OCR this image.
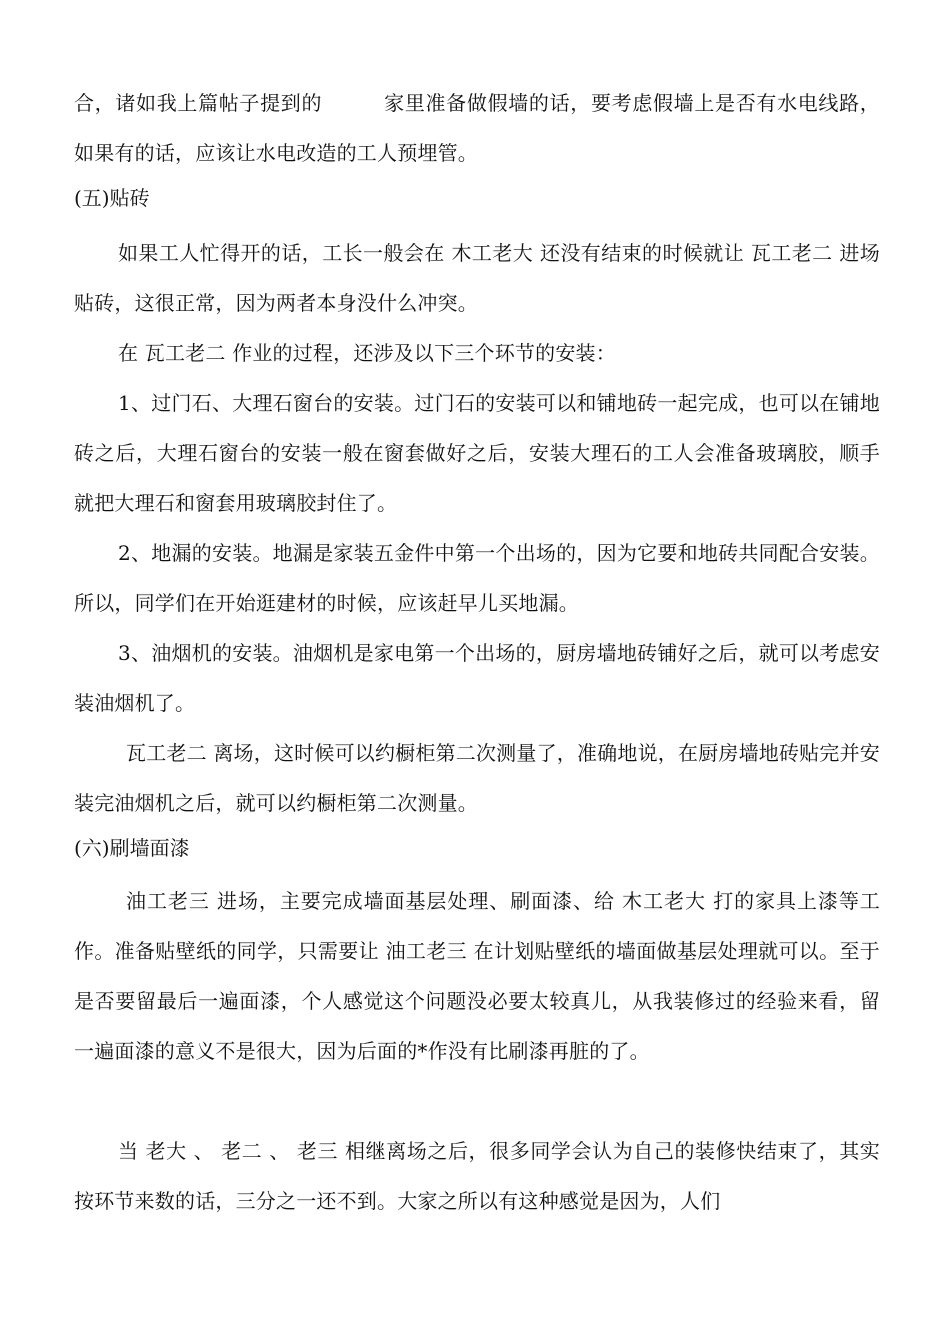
合，诸如我上篇帖子提到的　　　家里准备做假墙的话，要考虑假墙上是否有水电线路，如果有的话，应该让水电改造的工人预埋管。

(五)贴砖

如果工人忙得开的话，工长一般会在 木工老大 还没有结束的时候就让 瓦工老二 进场贴砖，这很正常，因为两者本身没什么冲突。

在 瓦工老二 作业的过程，还涉及以下三个环节的安装：

1、过门石、大理石窗台的安装。过门石的安装可以和铺地砖一起完成，也可以在铺地砖之后，大理石窗台的安装一般在窗套做好之后，安装大理石的工人会准备玻璃胶，顺手就把大理石和窗套用玻璃胶封住了。

2、地漏的安装。地漏是家装五金件中第一个出场的，因为它要和地砖共同配合安装。所以，同学们在开始逛建材的时候，应该赶早儿买地漏。

3、油烟机的安装。油烟机是家电第一个出场的，厨房墙地砖铺好之后，就可以考虑安装油烟机了。

瓦工老二 离场，这时候可以约橱柜第二次测量了，准确地说，在厨房墙地砖贴完并安装完油烟机之后，就可以约橱柜第二次测量。

(六)刷墙面漆

油工老三 进场，主要完成墙面基层处理、刷面漆、给 木工老大 打的家具上漆等工作。准备贴壁纸的同学，只需要让 油工老三 在计划贴壁纸的墙面做基层处理就可以。至于是否要留最后一遍面漆，个人感觉这个问题没必要太较真儿，从我装修过的经验来看，留一遍面漆的意义不是很大，因为后面的*作没有比刷漆再脏的了。

当 老大 、 老二 、 老三 相继离场之后，很多同学会认为自己的装修快结束了，其实按环节来数的话，三分之一还不到。大家之所以有这种感觉是因为，人们
